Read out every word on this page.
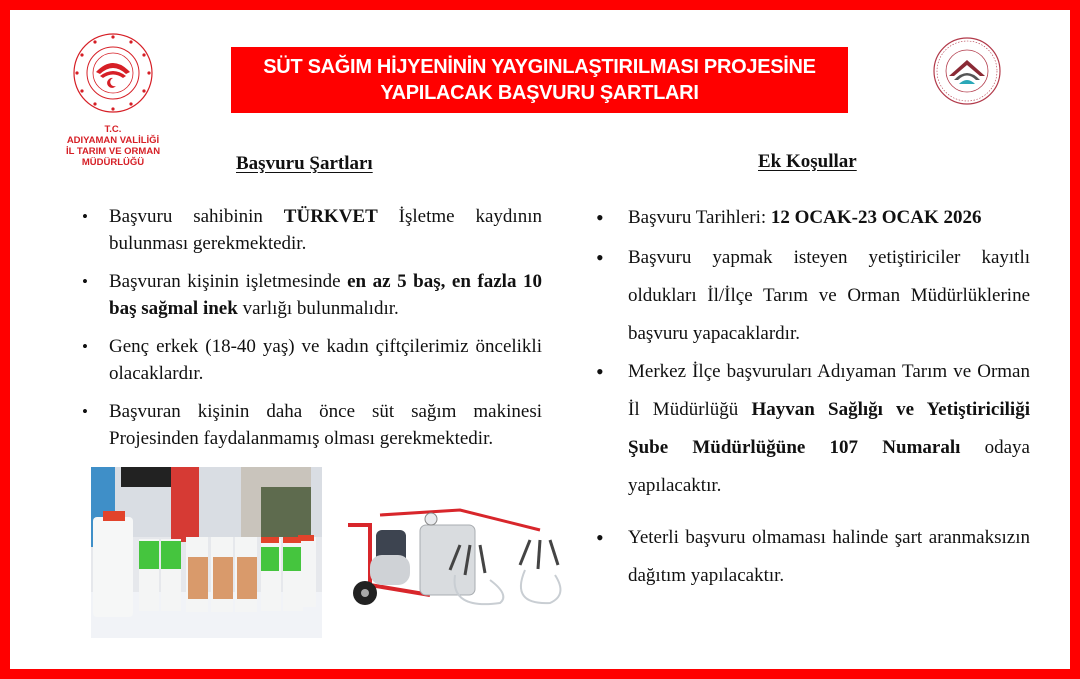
T.C.
ADIYAMAN VALİLİĞİ
İL TARIM VE ORMAN
MÜDÜRLÜĞÜ
SÜT SAĞIM HİJYENİNİN YAYGINLAŞTIRILMASI PROJESİNE
YAPILACAK BAŞVURU ŞARTLARI
Başvuru Şartları	Ek Koşullar
• Başvuru sahibinin TÜRKVET İşletme kaydının bulunması gerekmektedir.
• Başvuran kişinin işletmesinde en az 5 baş, en fazla 10 baş sağmal inek varlığı bulunmalıdır.
• Genç erkek (18-40 yaş) ve kadın çiftçilerimiz öncelikli olacaklardır.
• Başvuran kişinin daha önce süt sağım makinesi Projesinden faydalanmamış olması gerekmektedir.
• Başvuru Tarihleri: 12 OCAK-23 OCAK 2026
• Başvuru yapmak isteyen yetiştiriciler kayıtlı oldukları İl/İlçe Tarım ve Orman Müdürlüklerine başvuru yapacaklardır.
• Merkez İlçe başvuruları Adıyaman Tarım ve Orman İl Müdürlüğü Hayvan Sağlığı ve Yetiştiriciliği Şube Müdürlüğüne 107 Numaralı odaya yapılacaktır.
• Yeterli başvuru olmaması halinde şart aranmaksızın dağıtım yapılacaktır.
